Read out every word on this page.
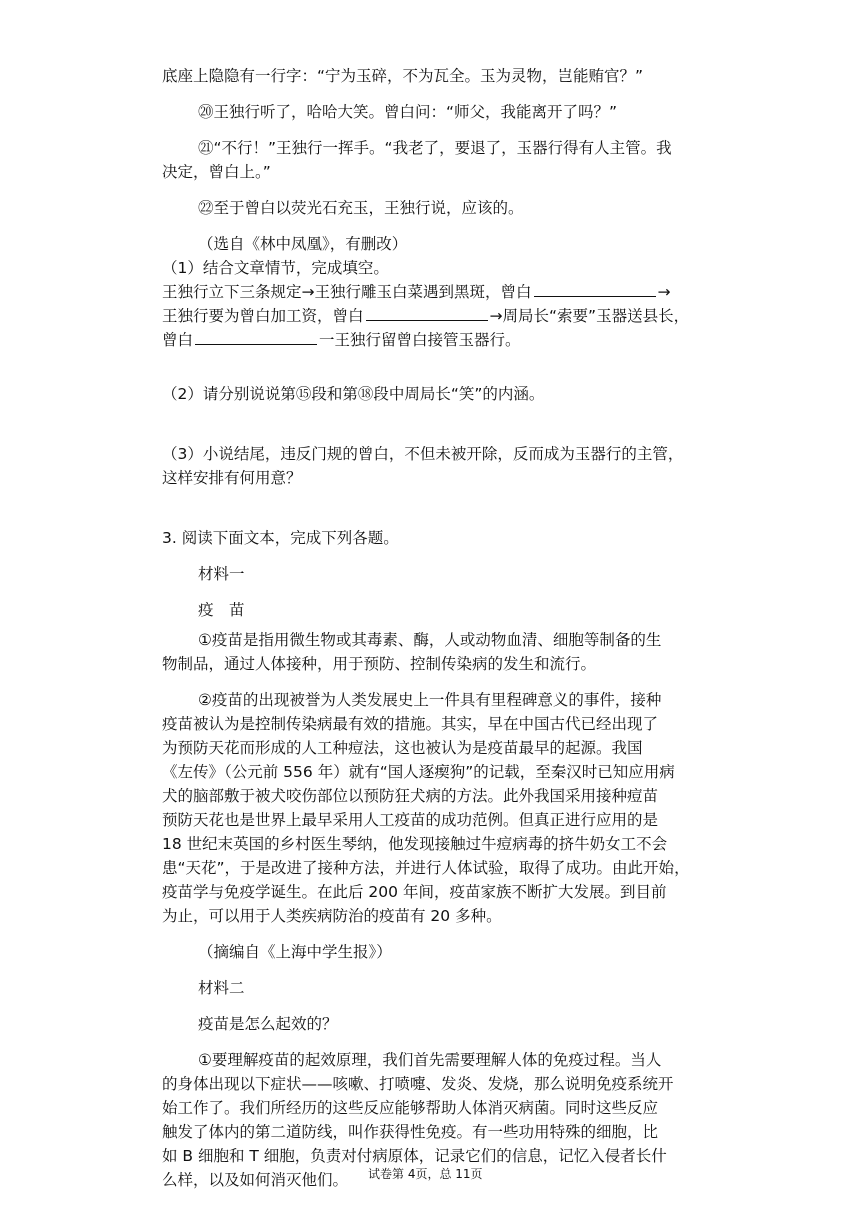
底座上隐隐有一行字：“宁为玉碎，不为瓦全。玉为灵物，岂能贿官？”
⑳王独行听了，哈哈大笑。曾白问：“师父，我能离开了吗？”
㉑“不行！”王独行一挥手。“我老了，要退了，玉器行得有人主管。我
决定，曾白上。”
㉒至于曾白以荧光石充玉，王独行说，应该的。
（选自《林中凤凰》，有删改）
（1）结合文章情节，完成填空。
王独行立下三条规定→王独行雕玉白菜遇到黑斑，曾白	→
王独行要为曾白加工资，曾白	→周局长“索要”玉器送县长，
曾白	一王独行留曾白接管玉器行。
（2）请分别说说第⑮段和第⑱段中周局长“笑”的内涵。
（3）小说结尾，违反门规的曾白，不但未被开除，反而成为玉器行的主管，
这样安排有何用意？
3. 阅读下面文本，完成下列各题。
材料一
疫　苗
①疫苗是指用微生物或其毒素、酶，人或动物血清、细胞等制备的生
物制品，通过人体接种，用于预防、控制传染病的发生和流行。
②疫苗的出现被誉为人类发展史上一件具有里程碑意义的事件，接种
疫苗被认为是控制传染病最有效的措施。其实，早在中国古代已经出现了
为预防天花而形成的人工种痘法，这也被认为是疫苗最早的起源。我国
《左传》（公元前 556 年）就有“国人逐瘈狗”的记载，至秦汉时已知应用病
犬的脑部敷于被犬咬伤部位以预防狂犬病的方法。此外我国采用接种痘苗
预防天花也是世界上最早采用人工疫苗的成功范例。但真正进行应用的是
18 世纪末英国的乡村医生琴纳，他发现接触过牛痘病毒的挤牛奶女工不会
患“天花”，于是改进了接种方法，并进行人体试验，取得了成功。由此开始，
疫苗学与免疫学诞生。在此后 200 年间，疫苗家族不断扩大发展。到目前
为止，可以用于人类疾病防治的疫苗有 20 多种。
（摘编自《上海中学生报》）
材料二
疫苗是怎么起效的？
①要理解疫苗的起效原理，我们首先需要理解人体的免疫过程。当人
的身体出现以下症状——咳嗽、打喷嚏、发炎、发烧，那么说明免疫系统开
始工作了。我们所经历的这些反应能够帮助人体消灭病菌。同时这些反应
触发了体内的第二道防线，叫作获得性免疫。有一些功用特殊的细胞，比
如 B 细胞和 T 细胞，负责对付病原体，记录它们的信息，记忆入侵者长什
么样，以及如何消灭他们。 试卷第 4页，总 11页
